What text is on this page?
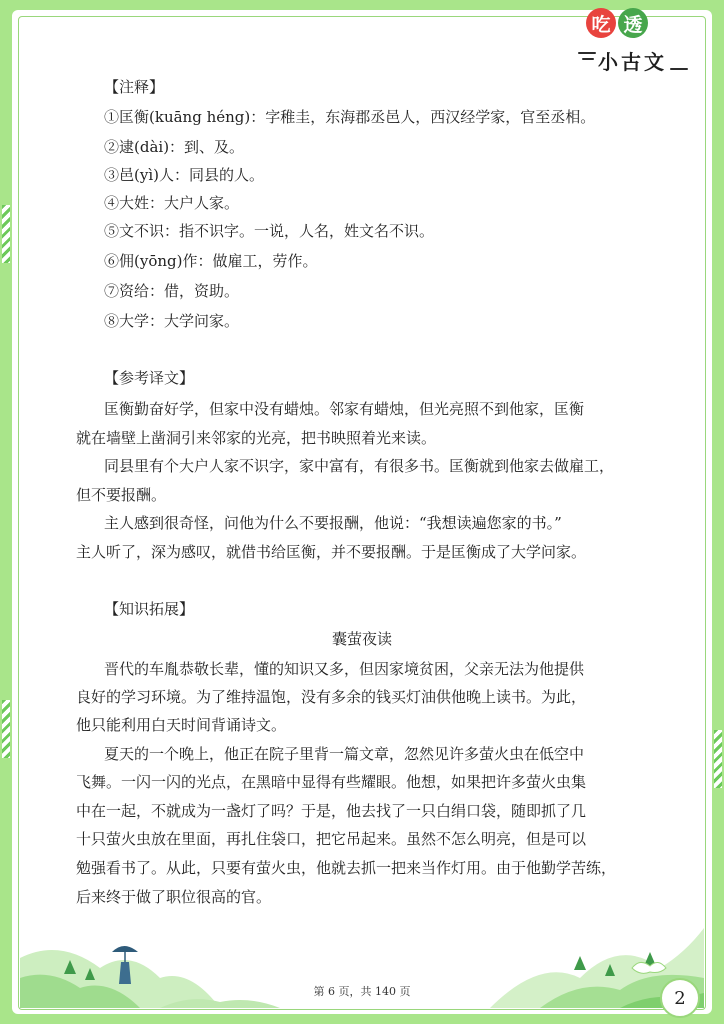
吃 透
小古文
【注释】
①匡衡(kuāng héng)：字稚圭，东海郡丞邑人，西汉经学家，官至丞相。
②逮(dài)：到、及。
③邑(yì)人：同县的人。
④大姓：大户人家。
⑤文不识：指不识字。一说，人名，姓文名不识。
⑥佣(yōng)作：做雇工，劳作。
⑦资给：借，资助。
⑧大学：大学问家。
【参考译文】
匡衡勤奋好学，但家中没有蜡烛。邻家有蜡烛，但光亮照不到他家，匡衡
就在墙壁上凿洞引来邻家的光亮，把书映照着光来读。
同县里有个大户人家不识字，家中富有，有很多书。匡衡就到他家去做雇工，
但不要报酬。
主人感到很奇怪，问他为什么不要报酬，他说：“我想读遍您家的书。”
主人听了，深为感叹，就借书给匡衡，并不要报酬。于是匡衡成了大学问家。
【知识拓展】
囊萤夜读
晋代的车胤恭敬长辈，懂的知识又多，但因家境贫困，父亲无法为他提供
良好的学习环境。为了维持温饱，没有多余的钱买灯油供他晚上读书。为此，
他只能利用白天时间背诵诗文。
夏天的一个晚上，他正在院子里背一篇文章，忽然见许多萤火虫在低空中
飞舞。一闪一闪的光点，在黑暗中显得有些耀眼。他想，如果把许多萤火虫集
中在一起，不就成为一盏灯了吗？于是，他去找了一只白绢口袋，随即抓了几
十只萤火虫放在里面，再扎住袋口，把它吊起来。虽然不怎么明亮，但是可以
勉强看书了。从此，只要有萤火虫，他就去抓一把来当作灯用。由于他勤学苦练，
后来终于做了职位很高的官。
第 6 页，共 140 页	2
